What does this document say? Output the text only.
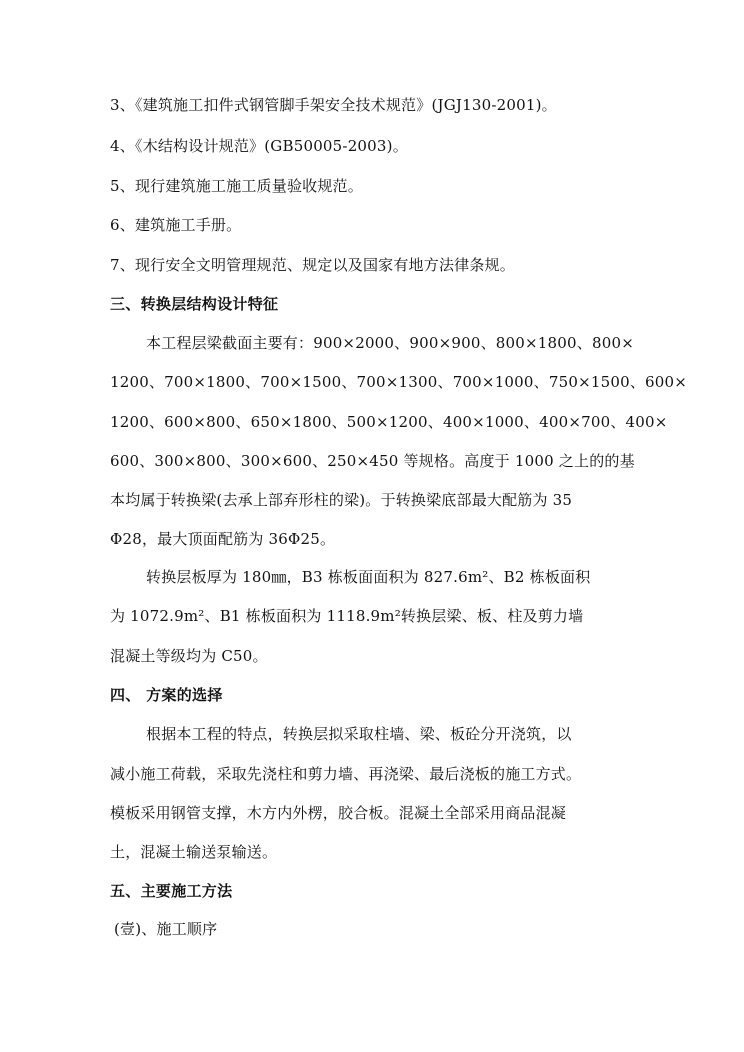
3、《建筑施工扣件式钢管脚手架安全技术规范》(JGJ130-2001)。
4、《木结构设计规范》(GB50005-2003)。
5、现行建筑施工施工质量验收规范。
6、建筑施工手册。
7、现行安全文明管理规范、规定以及国家有地方法律条规。
三、转换层结构设计特征
本工程层梁截面主要有：900×2000、900×900、800×1800、800×
1200、700×1800、700×1500、700×1300、700×1000、750×1500、600×
1200、600×800、650×1800、500×1200、400×1000、400×700、400×
600、300×800、300×600、250×450 等规格。高度于 1000 之上的的基
本均属于转换梁(去承上部弃形柱的梁)。于转换梁底部最大配筋为 35
Φ28，最大顶面配筋为 36Φ25。
转换层板厚为 180㎜，B3 栋板面面积为 827.6m²、B2 栋板面积
为 1072.9m²、B1 栋板面积为 1118.9m²转换层梁、板、柱及剪力墙
混凝土等级均为 C50。
四、 方案的选择
根据本工程的特点，转换层拟采取柱墙、梁、板砼分开浇筑，以
减小施工荷载，采取先浇柱和剪力墙、再浇梁、最后浇板的施工方式。
模板采用钢管支撑，木方内外楞，胶合板。混凝土全部采用商品混凝
土，混凝土输送泵输送。
五、主要施工方法
(壹)、施工顺序
